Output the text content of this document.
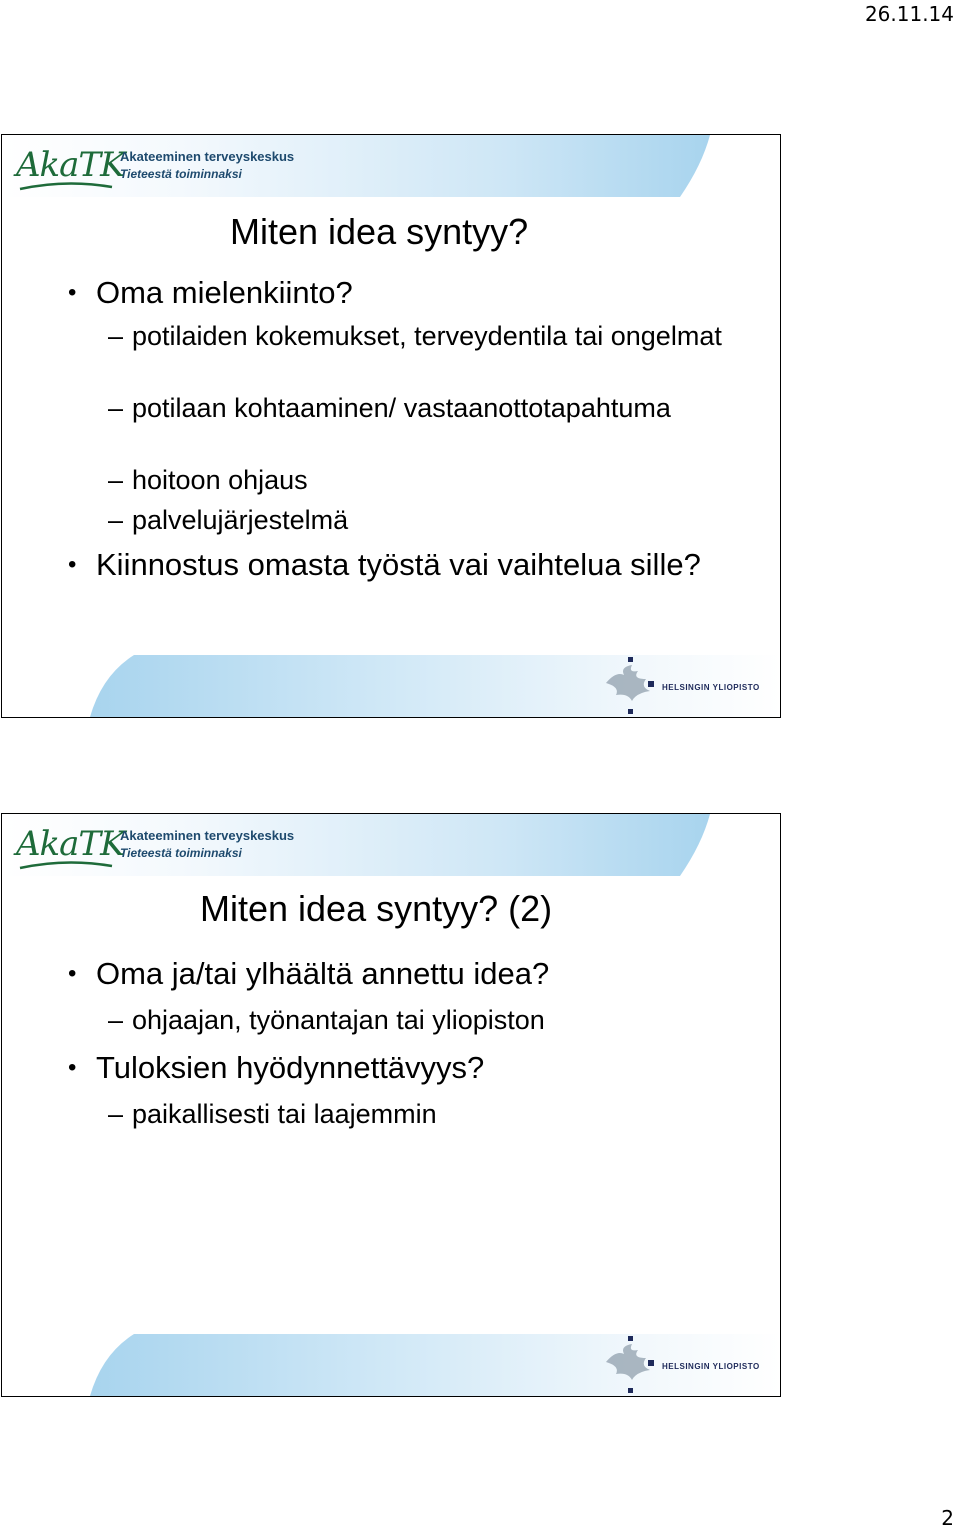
26.11.14
AkaTK
Akateeminen terveyskeskus
Tieteestä toiminnaksi
Miten idea syntyy?
• Oma mielenkiinto?
– potilaiden kokemukset, terveydentila tai ongelmat
– potilaan kohtaaminen/ vastaanottotapahtuma
– hoitoon ohjaus
– palvelujärjestelmä
• Kiinnostus omasta työstä vai vaihtelua sille?
HELSINGIN YLIOPISTO
AkaTK
Akateeminen terveyskeskus
Tieteestä toiminnaksi
Miten idea syntyy? (2)
• Oma ja/tai ylhäältä annettu idea?
– ohjaajan, työnantajan tai yliopiston
• Tuloksien hyödynnettävyys?
– paikallisesti tai laajemmin
HELSINGIN YLIOPISTO
2
